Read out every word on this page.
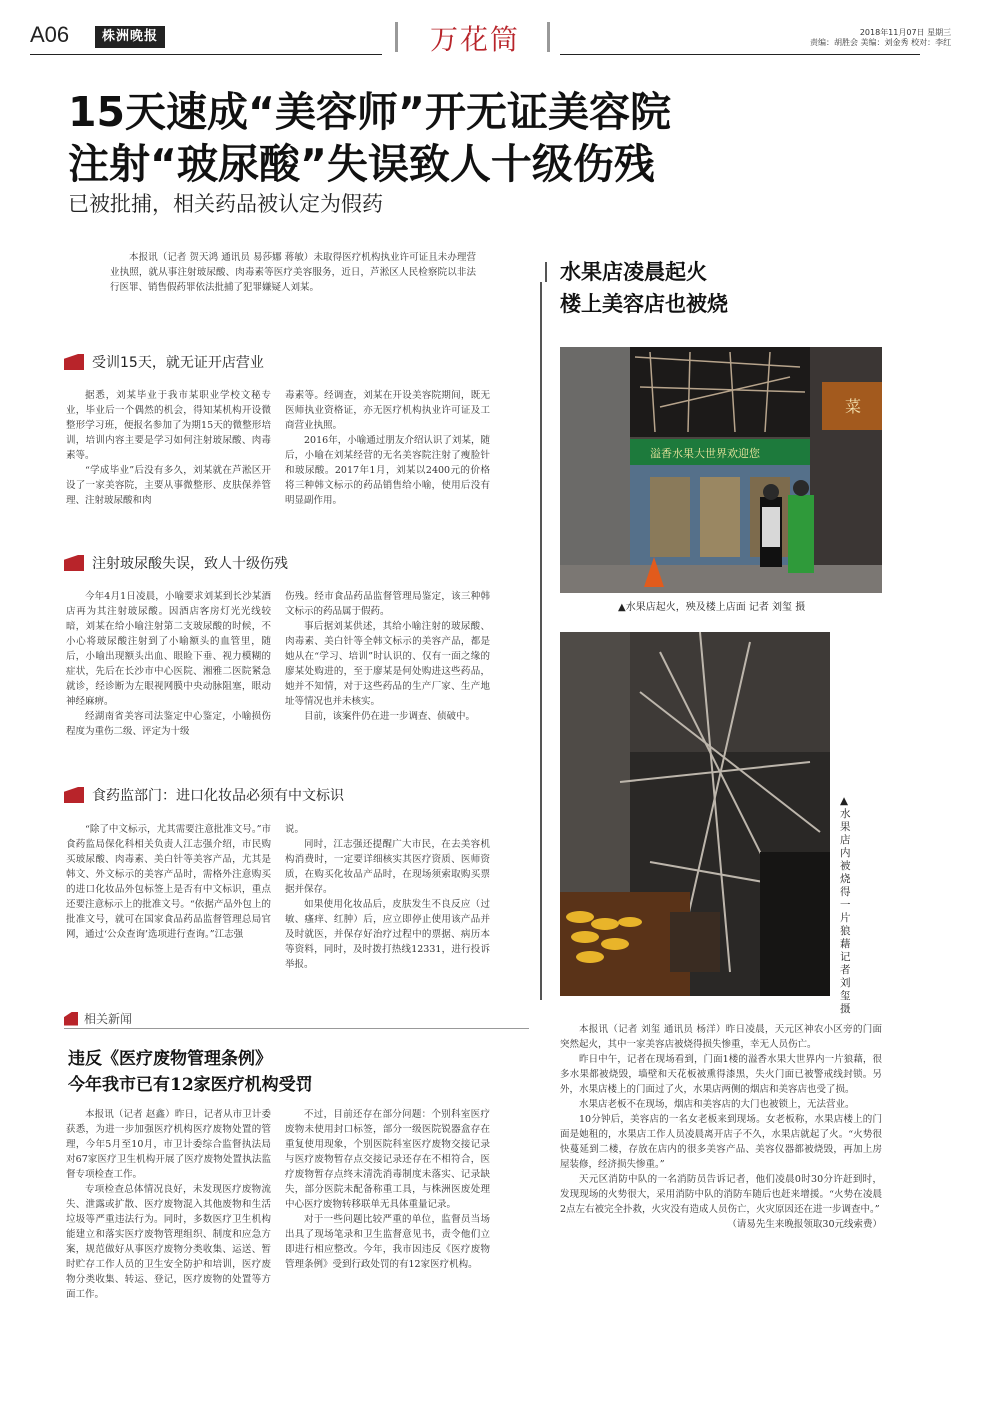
A06	株洲晚报	万花筒	2018年11月07日 星期三
责编：胡胜会 美编：刘金秀 校对：李红
15天速成“美容师”开无证美容院
注射“玻尿酸”失误致人十级伤残
已被批捕，相关药品被认定为假药

本报讯（记者 贺天鸿 通讯员 易莎娜 蒋敏）未取得医疗机构执业许可证且未办理营业执照，就从事注射玻尿酸、肉毒素等医疗美容服务，近日，芦淞区人民检察院以非法行医罪、销售假药罪依法批捕了犯罪嫌疑人刘某。

受训15天，就无证开店营业

据悉，刘某毕业于我市某职业学校文秘专业，毕业后一个偶然的机会，得知某机构开设微整形学习班，便报名参加了为期15天的微整形培训，培训内容主要是学习如何注射玻尿酸、肉毒素等。

“学成毕业”后没有多久，刘某就在芦淞区开设了一家美容院，主要从事微整形、皮肤保养管理、注射玻尿酸和肉

毒素等。经调查，刘某在开设美容院期间，既无医师执业资格证，亦无医疗机构执业许可证及工商营业执照。

2016年，小喻通过朋友介绍认识了刘某，随后，小喻在刘某经营的无名美容院注射了瘦脸针和玻尿酸。2017年1月，刘某以2400元的价格将三种韩文标示的药品销售给小喻，使用后没有明显副作用。

注射玻尿酸失误，致人十级伤残

今年4月1日凌晨，小喻要求刘某到长沙某酒店再为其注射玻尿酸。因酒店客房灯光光线较暗，刘某在给小喻注射第二支玻尿酸的时候，不小心将玻尿酸注射到了小喻额头的血管里，随后，小喻出现额头出血、眼睑下垂、视力模糊的症状，先后在长沙市中心医院、湘雅二医院紧急就诊，经诊断为左眼视网膜中央动脉阻塞，眼动神经麻痹。

经湖南省美容司法鉴定中心鉴定，小喻损伤程度为重伤二级、评定为十级

伤残。经市食品药品监督管理局鉴定，该三种韩文标示的药品属于假药。

事后据刘某供述，其给小喻注射的玻尿酸、肉毒素、美白针等全韩文标示的美容产品，都是她从在“学习、培训”时认识的、仅有一面之缘的廖某处购进的，至于廖某是何处购进这些药品，她并不知情，对于这些药品的生产厂家、生产地址等情况也并未核实。

目前，该案件仍在进一步调查、侦破中。

食药监部门：进口化妆品必须有中文标识

“除了中文标示，尤其需要注意批准文号。”市食药监局保化科相关负责人江志强介绍，市民购买玻尿酸、肉毒素、美白针等美容产品，尤其是韩文、外文标示的美容产品时，需格外注意购买的进口化妆品外包标签上是否有中文标识，重点还要注意标示上的批准文号。“依据产品外包上的批准文号，就可在国家食品药品监督管理总局官网，通过‘公众查询’选项进行查询。”江志强

说。

同时，江志强还提醒广大市民，在去美容机构消费时，一定要详细核实其医疗资质、医师资质，在购买化妆品产品时，在现场须索取购买票据并保存。

如果使用化妆品后，皮肤发生不良反应（过敏、瘙痒、红肿）后，应立即停止使用该产品并及时就医，并保存好治疗过程中的票据、病历本等资料，同时，及时拨打热线12331，进行投诉举报。

相关新闻
违反《医疗废物管理条例》
今年我市已有12家医疗机构受罚

本报讯（记者 赵鑫）昨日，记者从市卫计委获悉，为进一步加强医疗机构医疗废物处置的管理，今年5月至10月，市卫计委综合监督执法局对67家医疗卫生机构开展了医疗废物处置执法监督专项检查工作。

专项检查总体情况良好，未发现医疗废物流失、泄露或扩散、医疗废物混入其他废物和生活垃圾等严重违法行为。同时，多数医疗卫生机构能建立和落实医疗废物管理组织、制度和应急方案，规范做好从事医疗废物分类收集、运送、暂时贮存工作人员的卫生安全防护和培训，医疗废物分类收集、转运、登记，医疗废物的处置等方面工作。

不过，目前还存在部分问题：个别科室医疗废物未使用封口标签，部分一级医院锐器盒存在重复使用现象，个别医院科室医疗废物交接记录与医疗废物暂存点交接记录还存在不相符合，医疗废物暂存点终末清洗消毒制度未落实、记录缺失，部分医院未配备称重工具，与株洲医废处理中心医疗废物转移联单无具体重量记录。

对于一些问题比较严重的单位，监督员当场出具了现场笔录和卫生监督意见书，责令他们立即进行相应整改。今年，我市因违反《医疗废物管理条例》受到行政处罚的有12家医疗机构。

水果店凌晨起火
楼上美容店也被烧
菜
溢香水果大世界欢迎您
▲水果店起火，殃及楼上店面 记者 刘玺 摄
▲水果店内被烧得一片狼藉 记者 刘玺 摄

本报讯（记者 刘玺 通讯员 杨洋）昨日凌晨，天元区神农小区旁的门面突然起火，其中一家美容店被烧得损失惨重，幸无人员伤亡。

昨日中午，记者在现场看到，门面1楼的溢香水果大世界内一片狼藉，很多水果都被烧毁，墙壁和天花板被熏得漆黑，失火门面已被警戒线封锁。另外，水果店楼上的门面过了火，水果店两侧的烟店和美容店也受了损。

水果店老板不在现场，烟店和美容店的大门也被锁上，无法营业。

10分钟后，美容店的一名女老板来到现场。女老板称，水果店楼上的门面是她租的，水果店工作人员凌晨离开店子不久，水果店就起了火。“火势很快蔓延到二楼，存放在店内的很多美容产品、美容仪器都被烧毁，再加上房屋装修，经济损失惨重。”

天元区消防中队的一名消防员告诉记者，他们凌晨0时30分许赶到时，发现现场的火势很大，采用消防中队的消防车随后也赶来增援。“火势在凌晨2点左右被完全扑救，火灾没有造成人员伤亡，火灾原因还在进一步调查中。”

（请易先生来晚报领取30元线索费）
